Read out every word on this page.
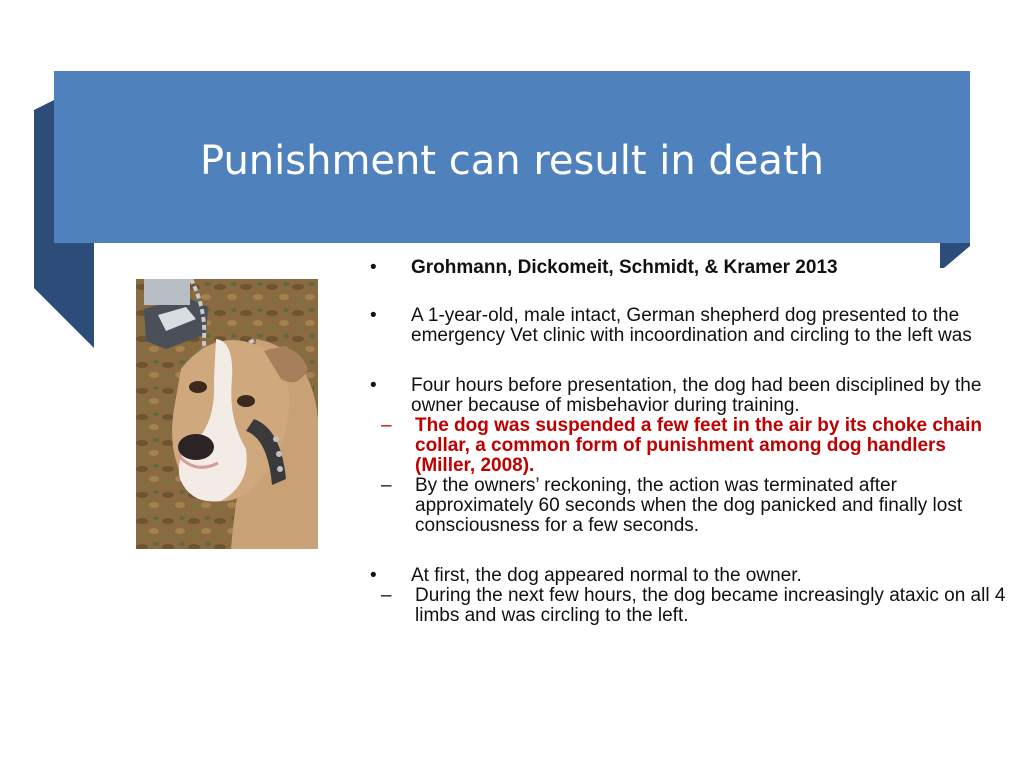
Punishment can result in death
•	Grohmann, Dickomeit, Schmidt, & Kramer 2013
•	A 1-year-old, male intact, German shepherd dog presented to the emergency Vet clinic with incoordination and circling to the left was
•	Four hours before presentation, the dog had been disciplined by the owner because of misbehavior during training.
– The dog was suspended a few feet in the air by its choke chain collar, a common form of punishment among dog handlers (Miller, 2008).
– By the owners’ reckoning, the action was terminated after approximately 60 seconds when the dog panicked and finally lost consciousness for a few seconds.
•	At first, the dog appeared normal to the owner.
– During the next few hours, the dog became increasingly ataxic on all 4 limbs and was circling to the left.
